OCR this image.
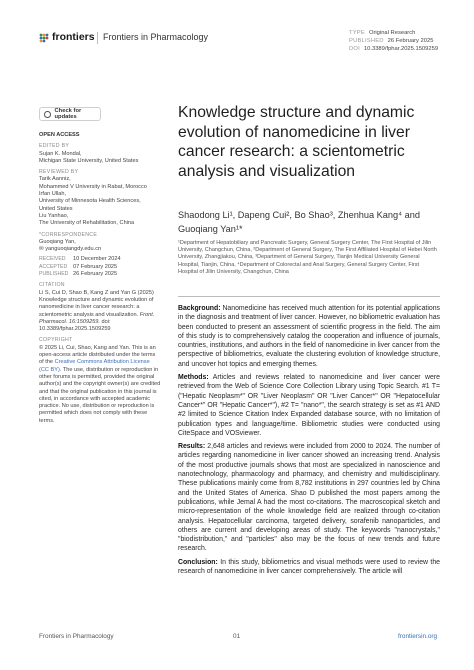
frontiers Frontiers in Pharmacology	TYPE Original Research
PUBLISHED 26 February 2025
DOI 10.3389/fphar.2025.1509259
Check for updates
OPEN ACCESS
EDITED BY
Sujan K. Mondal,
Michigan State University, United States
REVIEWED BY
Tarik Aanniz,
Mohammed V University in Rabat, Morocco
Irfan Ullah,
University of Minnesota Health Sciences,
United States
Liu Yanhao,
The University of Rehabilitation, China
*CORRESPONDENCE
Guoqiang Yan,
✉ yanguoqiangdy.edu.cn
RECEIVED 10 December 2024
ACCEPTED 07 February 2025
PUBLISHED 26 February 2025
CITATION
Li S, Cui D, Shao B, Kang Z and Yan G (2025) Knowledge structure and dynamic evolution of nanomedicine in liver cancer research: a scientometric analysis and visualization. Front. Pharmacol. 16:1509259. doi: 10.3389/fphar.2025.1509259
COPYRIGHT
© 2025 Li, Cui, Shao, Kang and Yan. This is an open-access article distributed under the terms of the Creative Commons Attribution License (CC BY). The use, distribution or reproduction in other forums is permitted, provided the original author(s) and the copyright owner(s) are credited and that the original publication in this journal is cited, in accordance with accepted academic practice. No use, distribution or reproduction is permitted which does not comply with these terms.
Knowledge structure and dynamic evolution of nanomedicine in liver cancer research: a scientometric analysis and visualization
Shaodong Li¹, Dapeng Cui², Bo Shao³, Zhenhua Kang⁴ and Guoqiang Yan¹*
¹Department of Hepatobiliary and Pancreatic Surgery, General Surgery Center, The First Hospital of Jilin University, Changchun, China, ²Department of General Surgery, The First Affiliated Hospital of Hebei North University, Zhangjiakou, China, ³Department of General Surgery, Tianjin Medical University General Hospital, Tianjin, China, ⁴Department of Colorectal and Anal Surgery, General Surgery Center, First Hospital of Jilin University, Changchun, China

Background: Nanomedicine has received much attention for its potential applications in the diagnosis and treatment of liver cancer. However, no bibliometric evaluation has been conducted to present an assessment of scientific progress in the field. The aim of this study is to comprehensively catalog the cooperation and influence of journals, countries, institutions, and authors in the field of nanomedicine in liver cancer from the perspective of bibliometrics, evaluate the clustering evolution of knowledge structure, and uncover hot topics and emerging themes.

Methods: Articles and reviews related to nanomedicine and liver cancer were retrieved from the Web of Science Core Collection Library using Topic Search. #1 T= ("Hepatic Neoplasm*" OR "Liver Neoplasm" OR "Liver Cancer*" OR "Hepatocellular Cancer*" OR "Hepatic Cancer*"), #2 T= "nano*", the search strategy is set as #1 AND #2 limited to Science Citation Index Expanded database source, with no limitation of publication types and language/time. Bibliometric studies were conducted using CiteSpace and VOSviewer.

Results: 2,648 articles and reviews were included from 2000 to 2024. The number of articles regarding nanomedicine in liver cancer showed an increasing trend. Analysis of the most productive journals shows that most are specialized in nanoscience and nanotechnology, pharmacology and pharmacy, and chemistry and multidisciplinary. These publications mainly come from 8,782 institutions in 297 countries led by China and the United States of America. Shao D published the most papers among the publications, while Jemal A had the most co-citations. The macroscopical sketch and micro-representation of the whole knowledge field are realized through co-citation analysis. Hepatocellular carcinoma, targeted delivery, sorafenib nanoparticles, and others are current and developing areas of study. The keywords "nanocrystals," "biodistribution," and "particles" also may be the focus of new trends and future research.

Conclusion: In this study, bibliometrics and visual methods were used to review the research of nanomedicine in liver cancer comprehensively. The article will

Frontiers in Pharmacology	01	frontiersin.org
